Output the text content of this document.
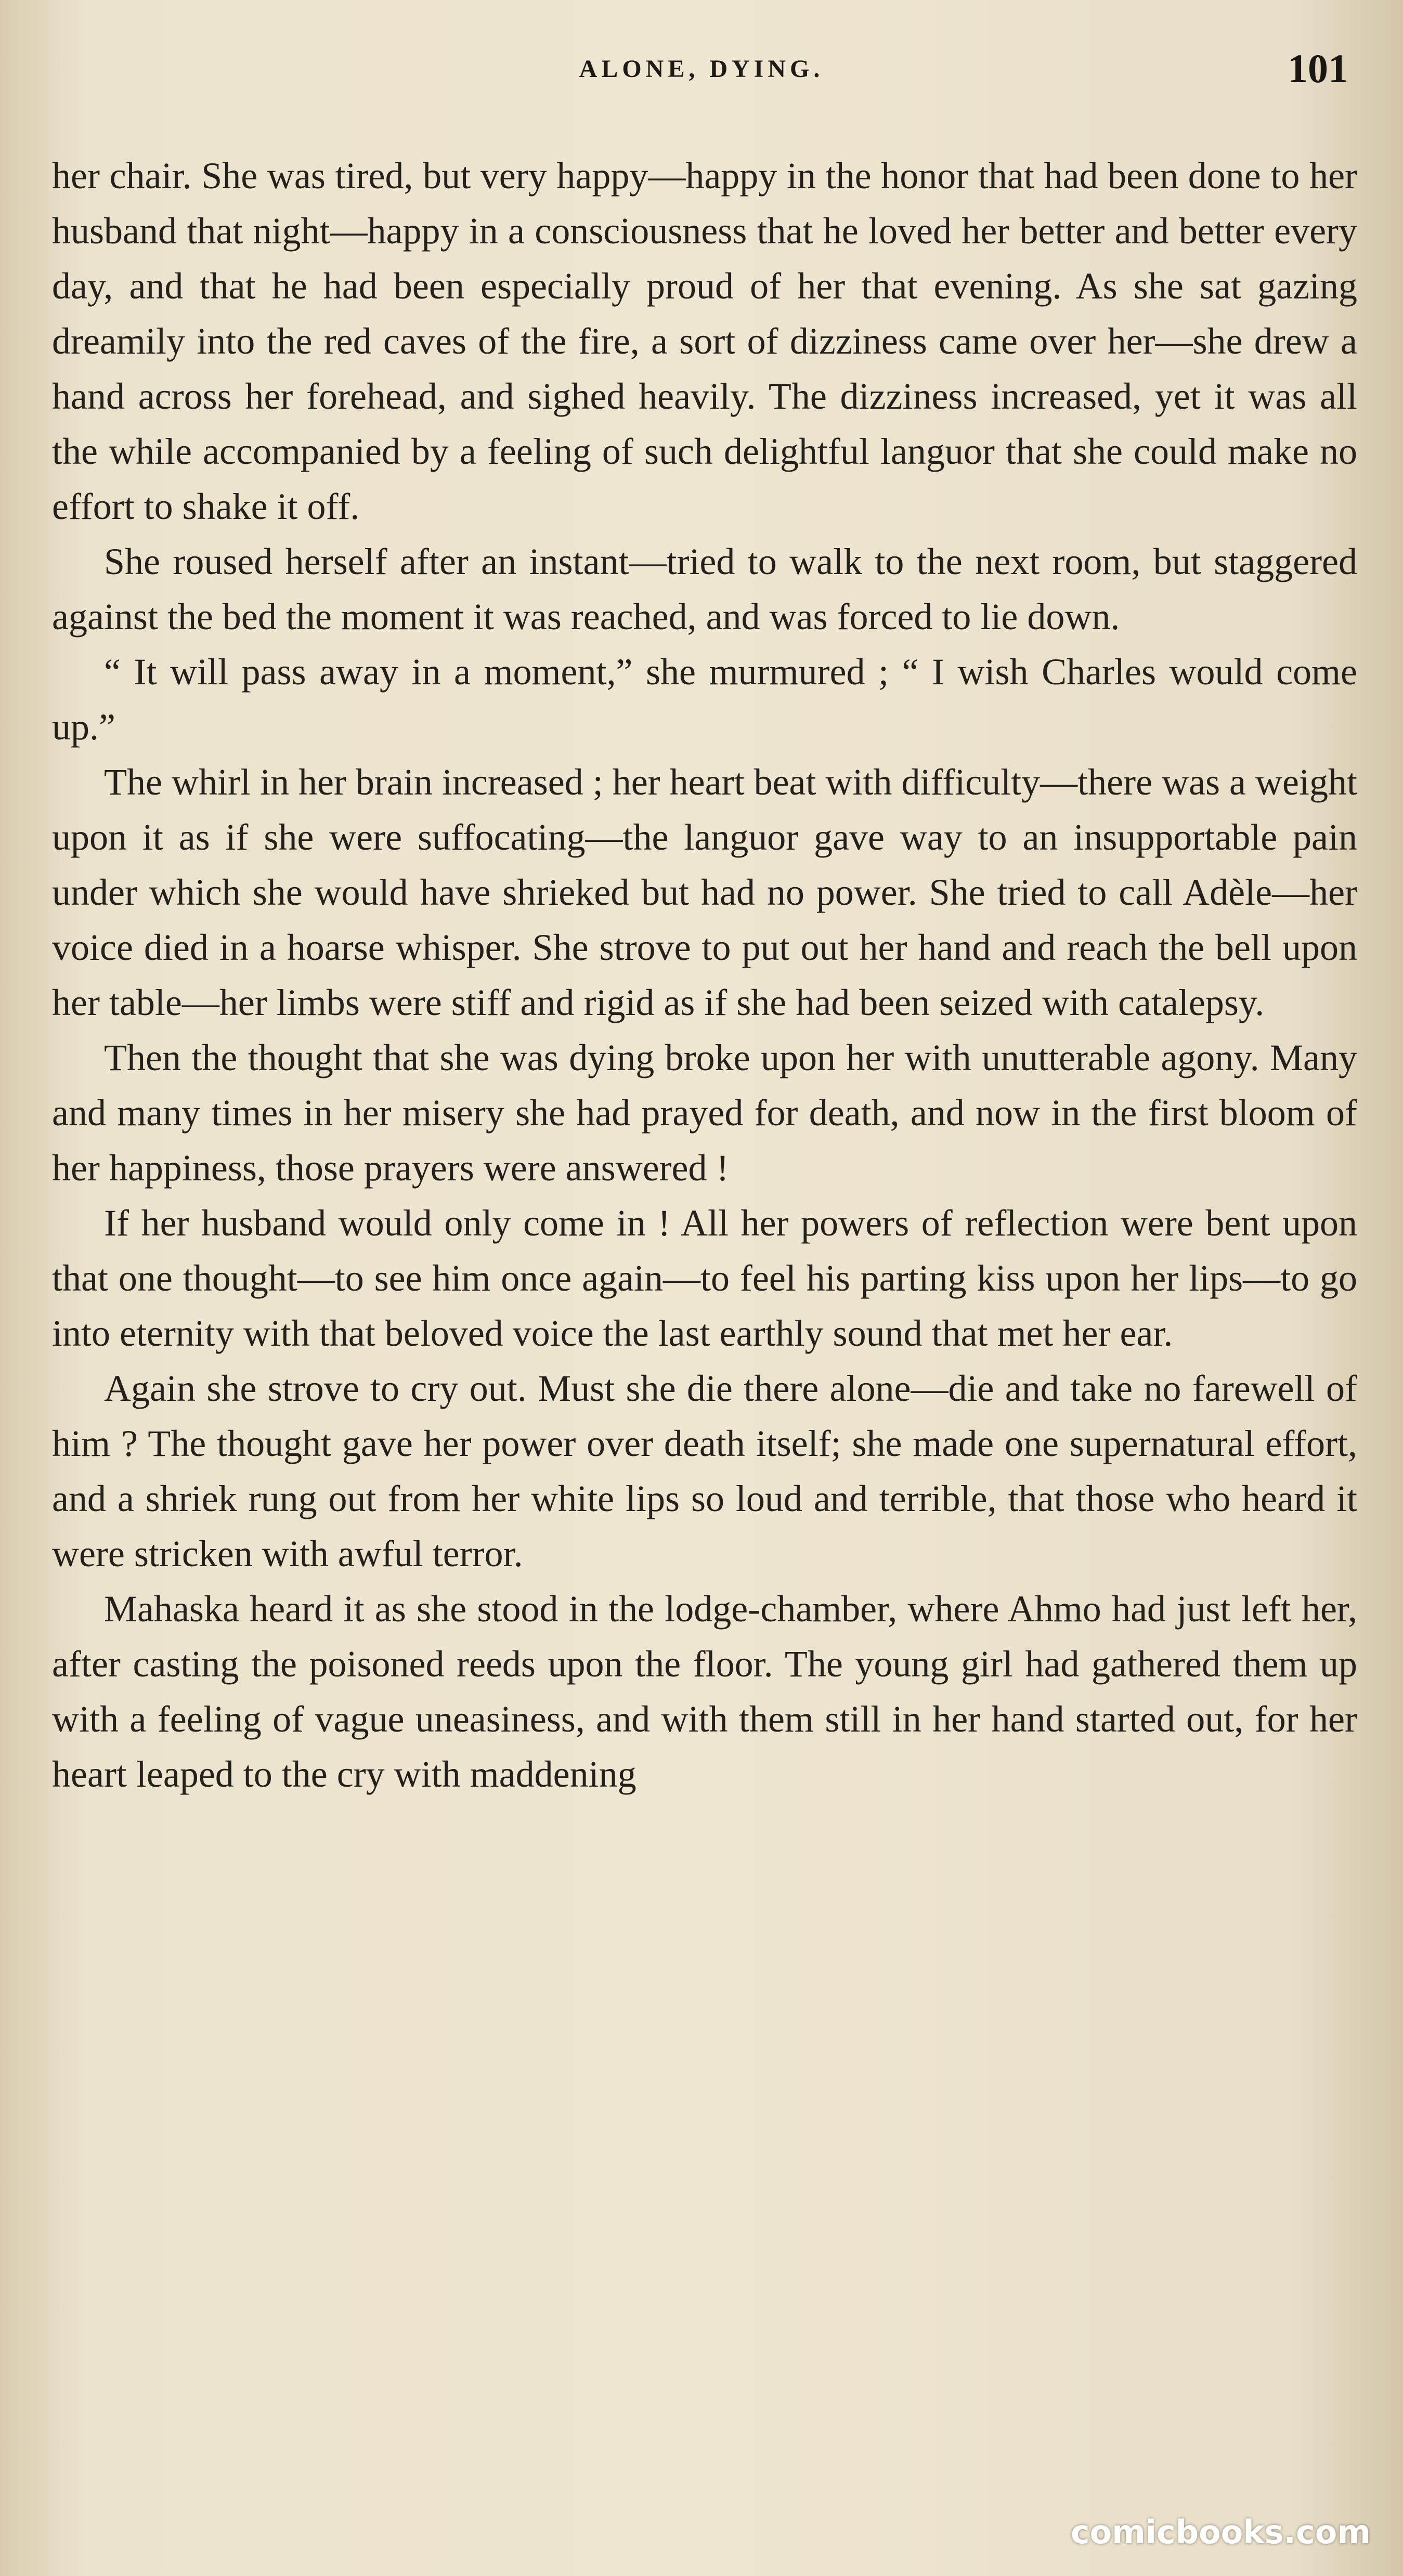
ALONE, DYING.	101

her chair. She was tired, but very happy—happy in the honor that had been done to her husband that night—happy in a consciousness that he loved her better and better every day, and that he had been especially proud of her that evening. As she sat gazing dreamily into the red caves of the fire, a sort of dizziness came over her—she drew a hand across her forehead, and sighed heavily. The dizziness increased, yet it was all the while accompanied by a feeling of such delightful languor that she could make no effort to shake it off.

She roused herself after an instant—tried to walk to the next room, but staggered against the bed the moment it was reached, and was forced to lie down.

“ It will pass away in a moment,” she murmured ; “ I wish Charles would come up.”

The whirl in her brain increased ; her heart beat with difficulty—there was a weight upon it as if she were suffocating—the languor gave way to an insupportable pain under which she would have shrieked but had no power. She tried to call Adèle—her voice died in a hoarse whisper. She strove to put out her hand and reach the bell upon her table—her limbs were stiff and rigid as if she had been seized with catalepsy.

Then the thought that she was dying broke upon her with unutterable agony. Many and many times in her misery she had prayed for death, and now in the first bloom of her happiness, those prayers were answered !

If her husband would only come in ! All her powers of reflection were bent upon that one thought—to see him once again—to feel his parting kiss upon her lips—to go into eternity with that beloved voice the last earthly sound that met her ear.

Again she strove to cry out. Must she die there alone—die and take no farewell of him ? The thought gave her power over death itself; she made one supernatural effort, and a shriek rung out from her white lips so loud and terrible, that those who heard it were stricken with awful terror.

Mahaska heard it as she stood in the lodge-chamber, where Ahmo had just left her, after casting the poisoned reeds upon the floor. The young girl had gathered them up with a feeling of vague uneasiness, and with them still in her hand started out, for her heart leaped to the cry with maddening

comicbooks.com
